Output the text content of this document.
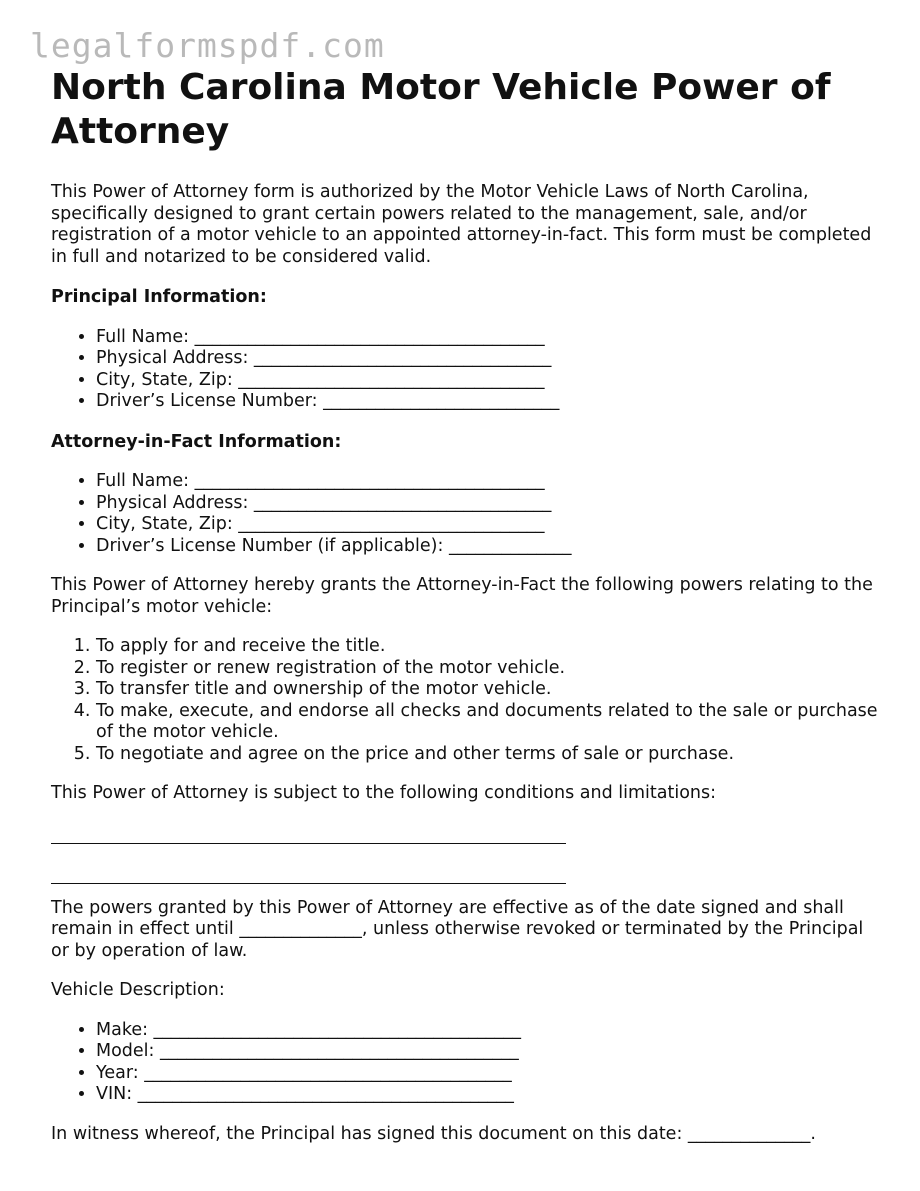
legalformspdf.com
North Carolina Motor Vehicle Power of Attorney

This Power of Attorney form is authorized by the Motor Vehicle Laws of North Carolina, specifically designed to grant certain powers related to the management, sale, and/or registration of a motor vehicle to an appointed attorney-in-fact. This form must be completed in full and notarized to be considered valid.

Principal Information:

• Full Name: ________________________________________
• Physical Address: __________________________________
• City, State, Zip: ___________________________________
• Driver’s License Number: ___________________________

Attorney-in-Fact Information:

• Full Name: ________________________________________
• Physical Address: __________________________________
• City, State, Zip: ___________________________________
• Driver’s License Number (if applicable): ______________

This Power of Attorney hereby grants the Attorney-in-Fact the following powers relating to the Principal’s motor vehicle:

1. To apply for and receive the title.
2. To register or renew registration of the motor vehicle.
3. To transfer title and ownership of the motor vehicle.
4. To make, execute, and endorse all checks and documents related to the sale or purchase of the motor vehicle.
5. To negotiate and agree on the price and other terms of sale or purchase.

This Power of Attorney is subject to the following conditions and limitations:

The powers granted by this Power of Attorney are effective as of the date signed and shall remain in effect until ______________, unless otherwise revoked or terminated by the Principal or by operation of law.

Vehicle Description:

• Make: __________________________________________
• Model: _________________________________________
• Year: __________________________________________
• VIN: ___________________________________________

In witness whereof, the Principal has signed this document on this date: ______________.
